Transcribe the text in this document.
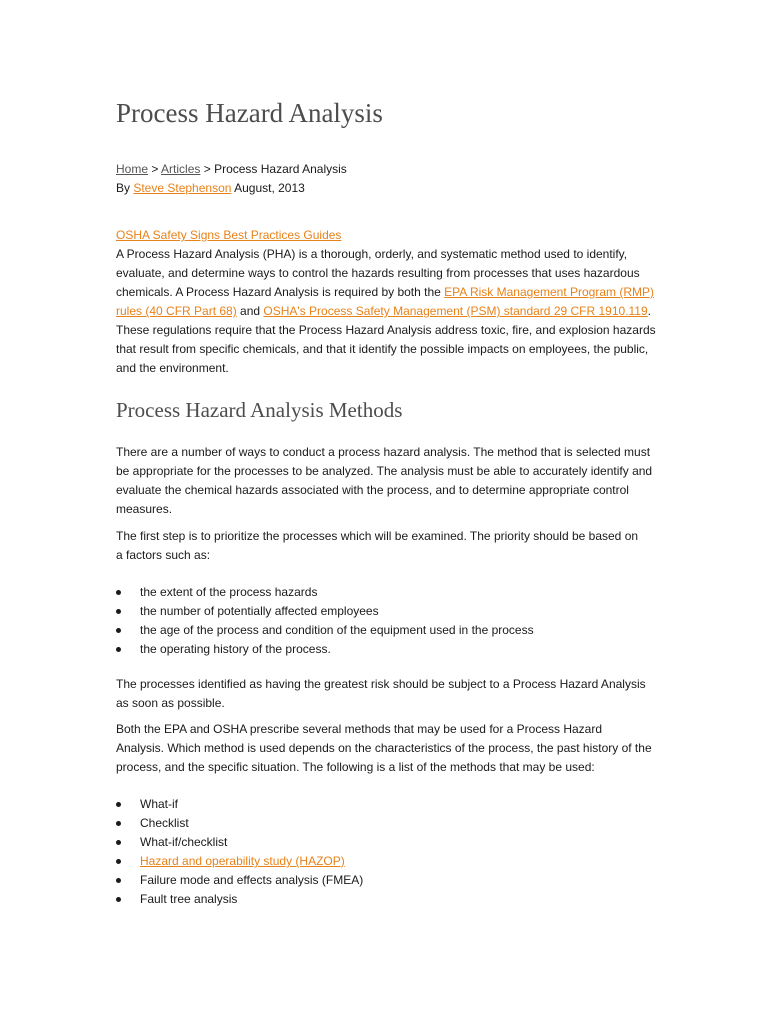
Process Hazard Analysis
Home > Articles > Process Hazard Analysis
By Steve Stephenson August, 2013

OSHA Safety Signs Best Practices Guides

A Process Hazard Analysis (PHA) is a thorough, orderly, and systematic method used to identify, evaluate, and determine ways to control the hazards resulting from processes that uses hazardous chemicals. A Process Hazard Analysis is required by both the EPA Risk Management Program (RMP) rules (40 CFR Part 68) and OSHA's Process Safety Management (PSM) standard 29 CFR 1910.119. These regulations require that the Process Hazard Analysis address toxic, fire, and explosion hazards that result from specific chemicals, and that it identify the possible impacts on employees, the public, and the environment.

Process Hazard Analysis Methods

There are a number of ways to conduct a process hazard analysis. The method that is selected must be appropriate for the processes to be analyzed. The analysis must be able to accurately identify and evaluate the chemical hazards associated with the process, and to determine appropriate control measures.

The first step is to prioritize the processes which will be examined. The priority should be based on

a factors such as:

the extent of the process hazards
the number of potentially affected employees
the age of the process and condition of the equipment used in the process
the operating history of the process.

The processes identified as having the greatest risk should be subject to a Process Hazard Analysis as soon as possible.

Both the EPA and OSHA prescribe several methods that may be used for a Process Hazard

Analysis. Which method is used depends on the characteristics of the process, the past history of the process, and the specific situation. The following is a list of the methods that may be used:

What-if
Checklist
What-if/checklist
Hazard and operability study (HAZOP)
Failure mode and effects analysis (FMEA)
Fault tree analysis
